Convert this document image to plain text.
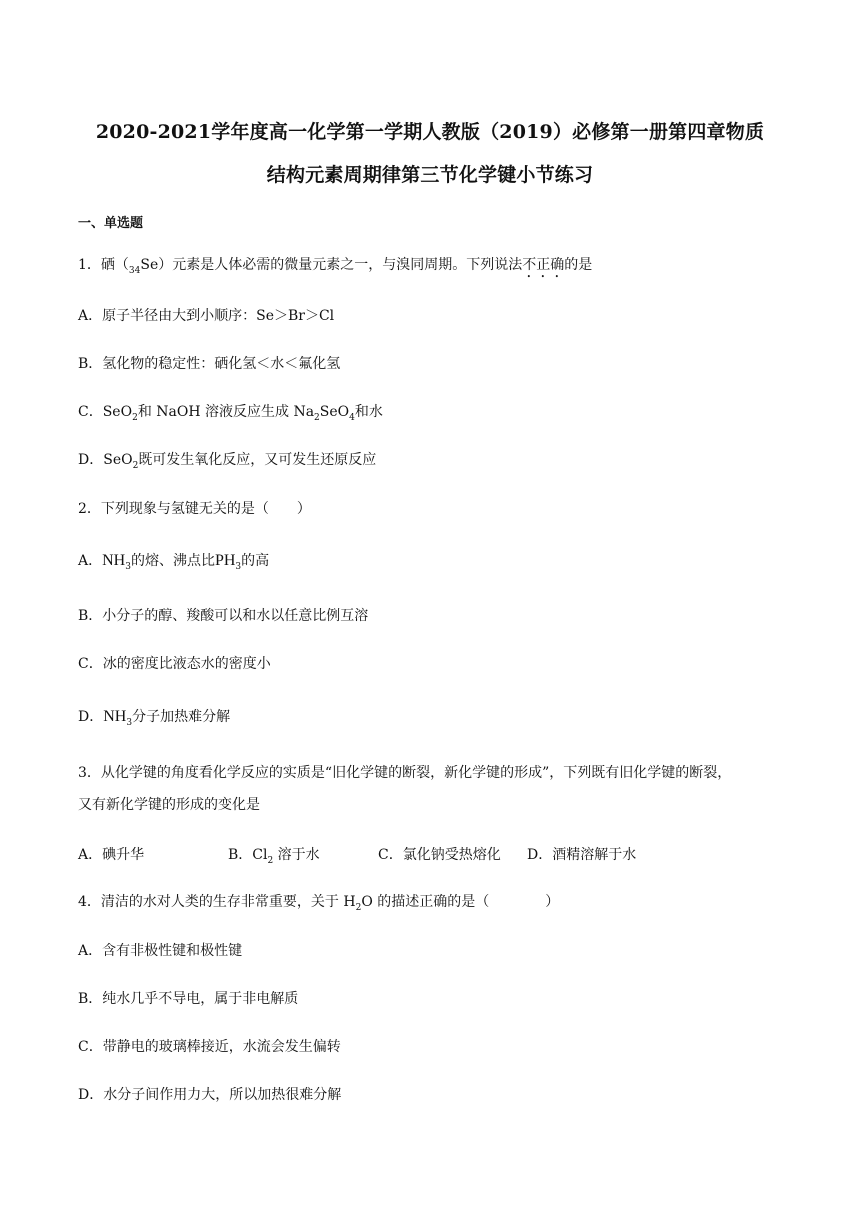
2020-2021学年度高一化学第一学期人教版（2019）必修第一册第四章物质
结构元素周期律第三节化学键小节练习
一、单选题
1．硒$(_{34}Se)$元素是人体必需的微量元素之一，与溴同周期。下列说法不正确的是
A．原子半径由大到小顺序：Se＞Br＞Cl
B．氢化物的稳定性：硒化氢＜水＜氟化氢
C．SeO$_2$和 NaOH 溶液反应生成 $Na_2SeO_4$和水
D．SeO$_2$既可发生氧化反应，又可发生还原反应
2．下列现象与氢键无关的是（　　）
A．$NH_3$的熔、沸点比$PH_3$的高
B．小分子的醇、羧酸可以和水以任意比例互溶
C．冰的密度比液态水的密度小
D．$NH_3$分子加热难分解
3．从化学键的角度看化学反应的实质是“旧化学键的断裂，新化学键的形成”，下列既有旧化学键的断裂，
又有新化学键的形成的变化是
A．碘升华	B．$Cl_2$ 溶于水	C．氯化钠受热熔化 D．酒精溶解于水
4．清洁的水对人类的生存非常重要，关于 $H_2O$ 的描述正确的是（　　　　）
A．含有非极性键和极性键
B．纯水几乎不导电，属于非电解质
C．带静电的玻璃棒接近，水流会发生偏转
D．水分子间作用力大，所以加热很难分解
